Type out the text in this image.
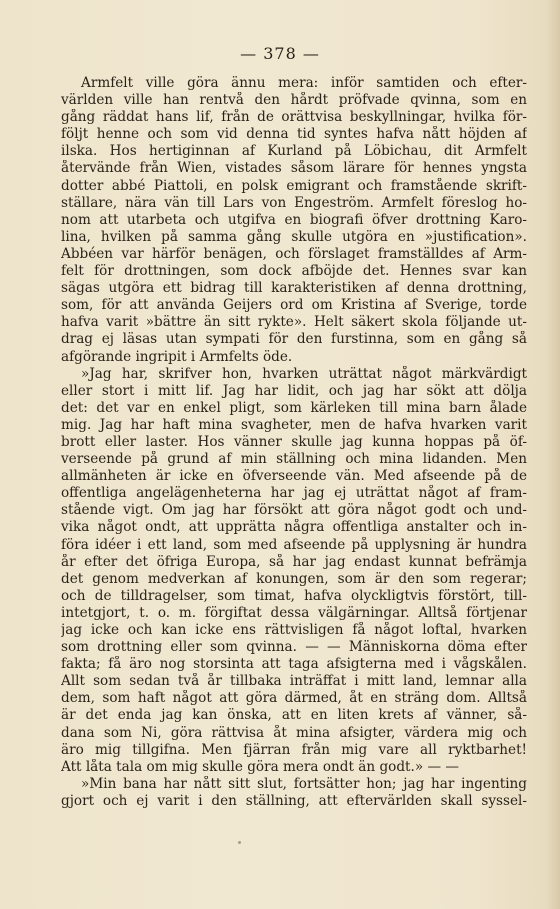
— 378 —
Armfelt ville göra ännu mera: inför samtiden och efter-
världen ville han rentvå den hårdt pröfvade qvinna, som en
gång räddat hans lif, från de orättvisa beskyllningar, hvilka för-
följt henne och som vid denna tid syntes hafva nått höjden af
ilska. Hos hertiginnan af Kurland på Löbichau, dit Armfelt
återvände från Wien, vistades såsom lärare för hennes yngsta
dotter abbé Piattoli, en polsk emigrant och framstående skrift-
ställare, nära vän till Lars von Engeström. Armfelt föreslog ho-
nom att utarbeta och utgifva en biografi öfver drottning Karo-
lina, hvilken på samma gång skulle utgöra en »justification».
Abbéen var härför benägen, och förslaget framställdes af Arm-
felt för drottningen, som dock afböjde det. Hennes svar kan
sägas utgöra ett bidrag till karakteristiken af denna drottning,
som, för att använda Geijers ord om Kristina af Sverige, torde
hafva varit »bättre än sitt rykte». Helt säkert skola följande ut-
drag ej läsas utan sympati för den furstinna, som en gång så
afgörande ingripit i Armfelts öde.
»Jag har, skrifver hon, hvarken uträttat något märkvärdigt
eller stort i mitt lif. Jag har lidit, och jag har sökt att dölja
det: det var en enkel pligt, som kärleken till mina barn ålade
mig. Jag har haft mina svagheter, men de hafva hvarken varit
brott eller laster. Hos vänner skulle jag kunna hoppas på öf-
verseende på grund af min ställning och mina lidanden. Men
allmänheten är icke en öfverseende vän. Med afseende på de
offentliga angelägenheterna har jag ej uträttat något af fram-
stående vigt. Om jag har försökt att göra något godt och und-
vika något ondt, att upprätta några offentliga anstalter och in-
föra idéer i ett land, som med afseende på upplysning är hundra
år efter det öfriga Europa, så har jag endast kunnat befrämja
det genom medverkan af konungen, som är den som regerar;
och de tilldragelser, som timat, hafva olyckligtvis förstört, till-
intetgjort, t. o. m. förgiftat dessa välgärningar. Alltså förtjenar
jag icke och kan icke ens rättvisligen få något loftal, hvarken
som drottning eller som qvinna. — — Människorna döma efter
fakta; få äro nog storsinta att taga afsigterna med i vågskålen.
Allt som sedan två år tillbaka inträffat i mitt land, lemnar alla
dem, som haft något att göra därmed, åt en sträng dom. Alltså
är det enda jag kan önska, att en liten krets af vänner, så-
dana som Ni, göra rättvisa åt mina afsigter, värdera mig och
äro mig tillgifna. Men fjärran från mig vare all ryktbarhet!
Att låta tala om mig skulle göra mera ondt än godt.» — —
»Min bana har nått sitt slut, fortsätter hon; jag har ingenting
gjort och ej varit i den ställning, att eftervärlden skall syssel-
